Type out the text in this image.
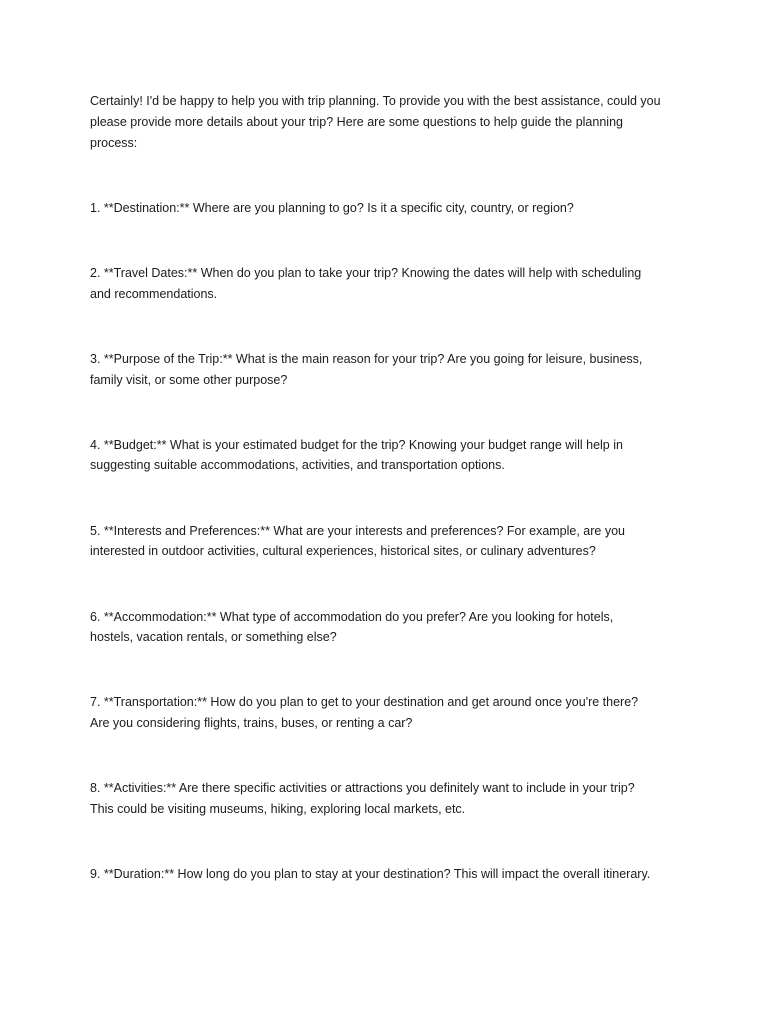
Certainly! I'd be happy to help you with trip planning. To provide you with the best assistance, could you

please provide more details about your trip? Here are some questions to help guide the planning

process:

1. **Destination:** Where are you planning to go? Is it a specific city, country, or region?

2. **Travel Dates:** When do you plan to take your trip? Knowing the dates will help with scheduling

and recommendations.

3. **Purpose of the Trip:** What is the main reason for your trip? Are you going for leisure, business,

family visit, or some other purpose?

4. **Budget:** What is your estimated budget for the trip? Knowing your budget range will help in

suggesting suitable accommodations, activities, and transportation options.

5. **Interests and Preferences:** What are your interests and preferences? For example, are you

interested in outdoor activities, cultural experiences, historical sites, or culinary adventures?

6. **Accommodation:** What type of accommodation do you prefer? Are you looking for hotels,

hostels, vacation rentals, or something else?

7. **Transportation:** How do you plan to get to your destination and get around once you're there?

Are you considering flights, trains, buses, or renting a car?

8. **Activities:** Are there specific activities or attractions you definitely want to include in your trip?

This could be visiting museums, hiking, exploring local markets, etc.

9. **Duration:** How long do you plan to stay at your destination? This will impact the overall itinerary.
